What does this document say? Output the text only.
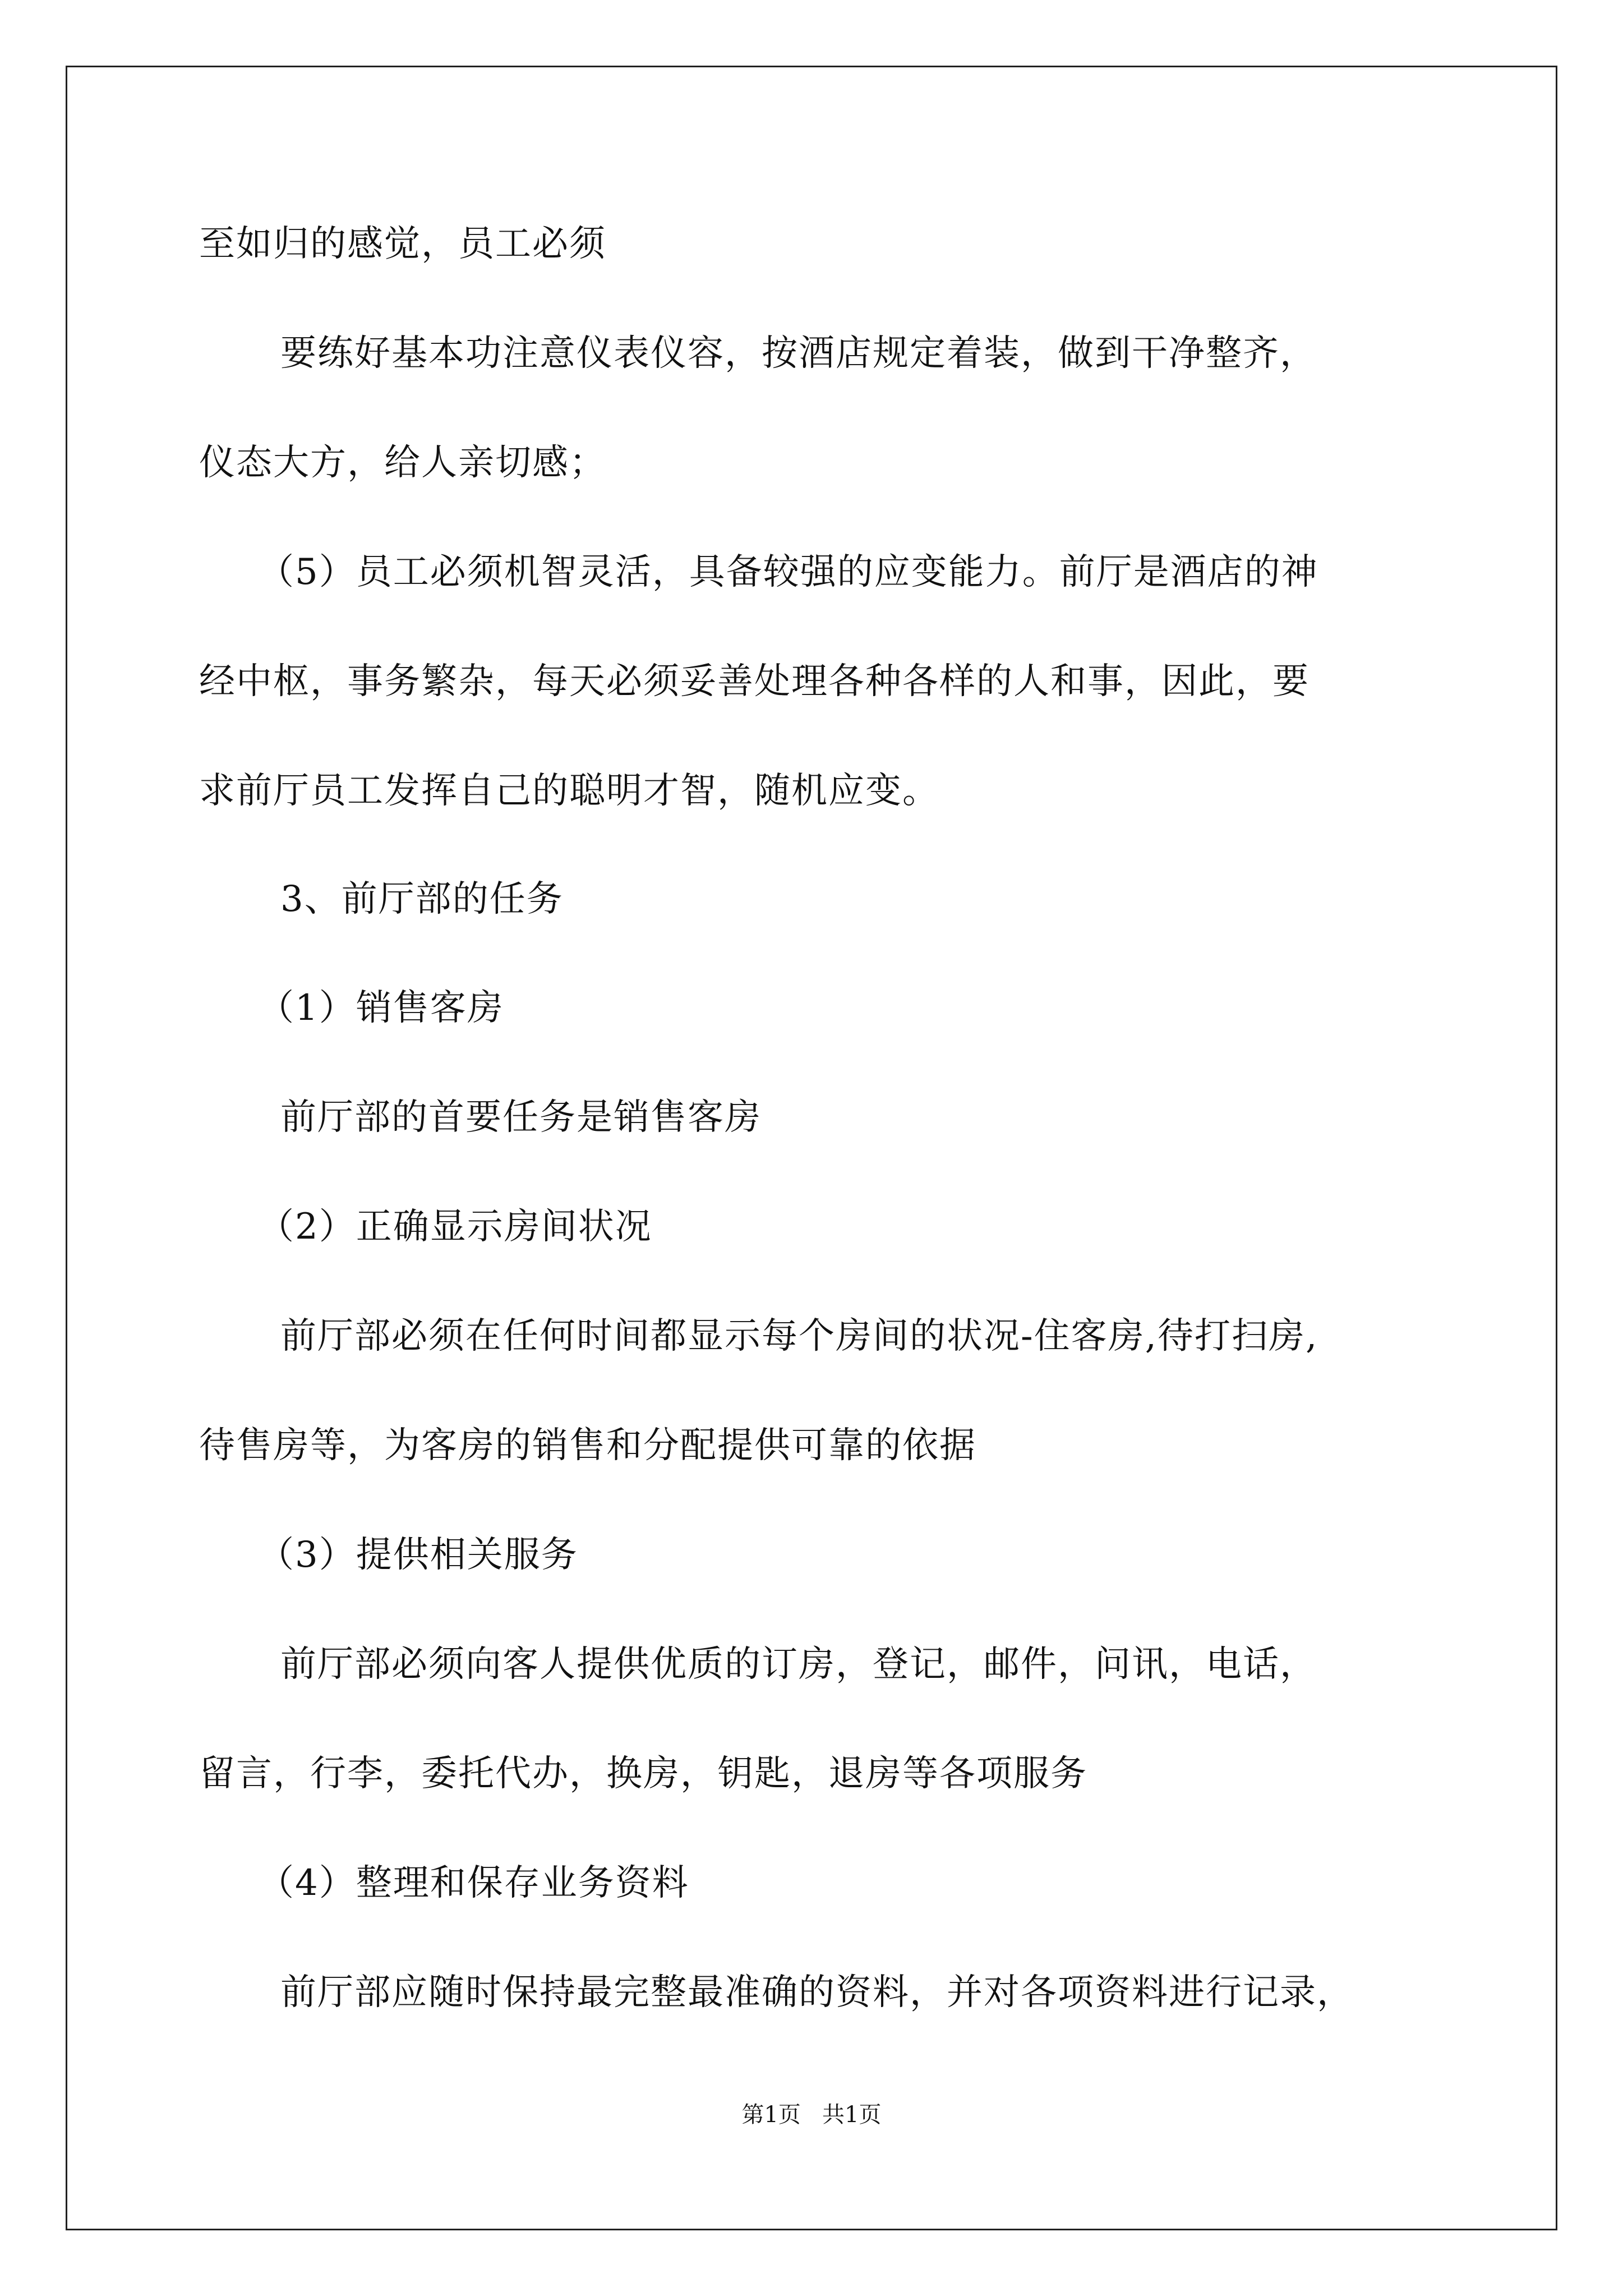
至如归的感觉，员工必须
要练好基本功注意仪表仪容，按酒店规定着装，做到干净整齐，
仪态大方，给人亲切感；
（5）员工必须机智灵活，具备较强的应变能力。前厅是酒店的神
经中枢，事务繁杂，每天必须妥善处理各种各样的人和事，因此，要
求前厅员工发挥自己的聪明才智，随机应变。
3、前厅部的任务
（1）销售客房
前厅部的首要任务是销售客房
（2）正确显示房间状况
前厅部必须在任何时间都显示每个房间的状况-住客房,待打扫房,
待售房等，为客房的销售和分配提供可靠的依据
（3）提供相关服务
前厅部必须向客人提供优质的订房，登记，邮件，问讯，电话，
留言，行李，委托代办，换房，钥匙，退房等各项服务
（4）整理和保存业务资料
前厅部应随时保持最完整最准确的资料，并对各项资料进行记录，
第1页   共1页
